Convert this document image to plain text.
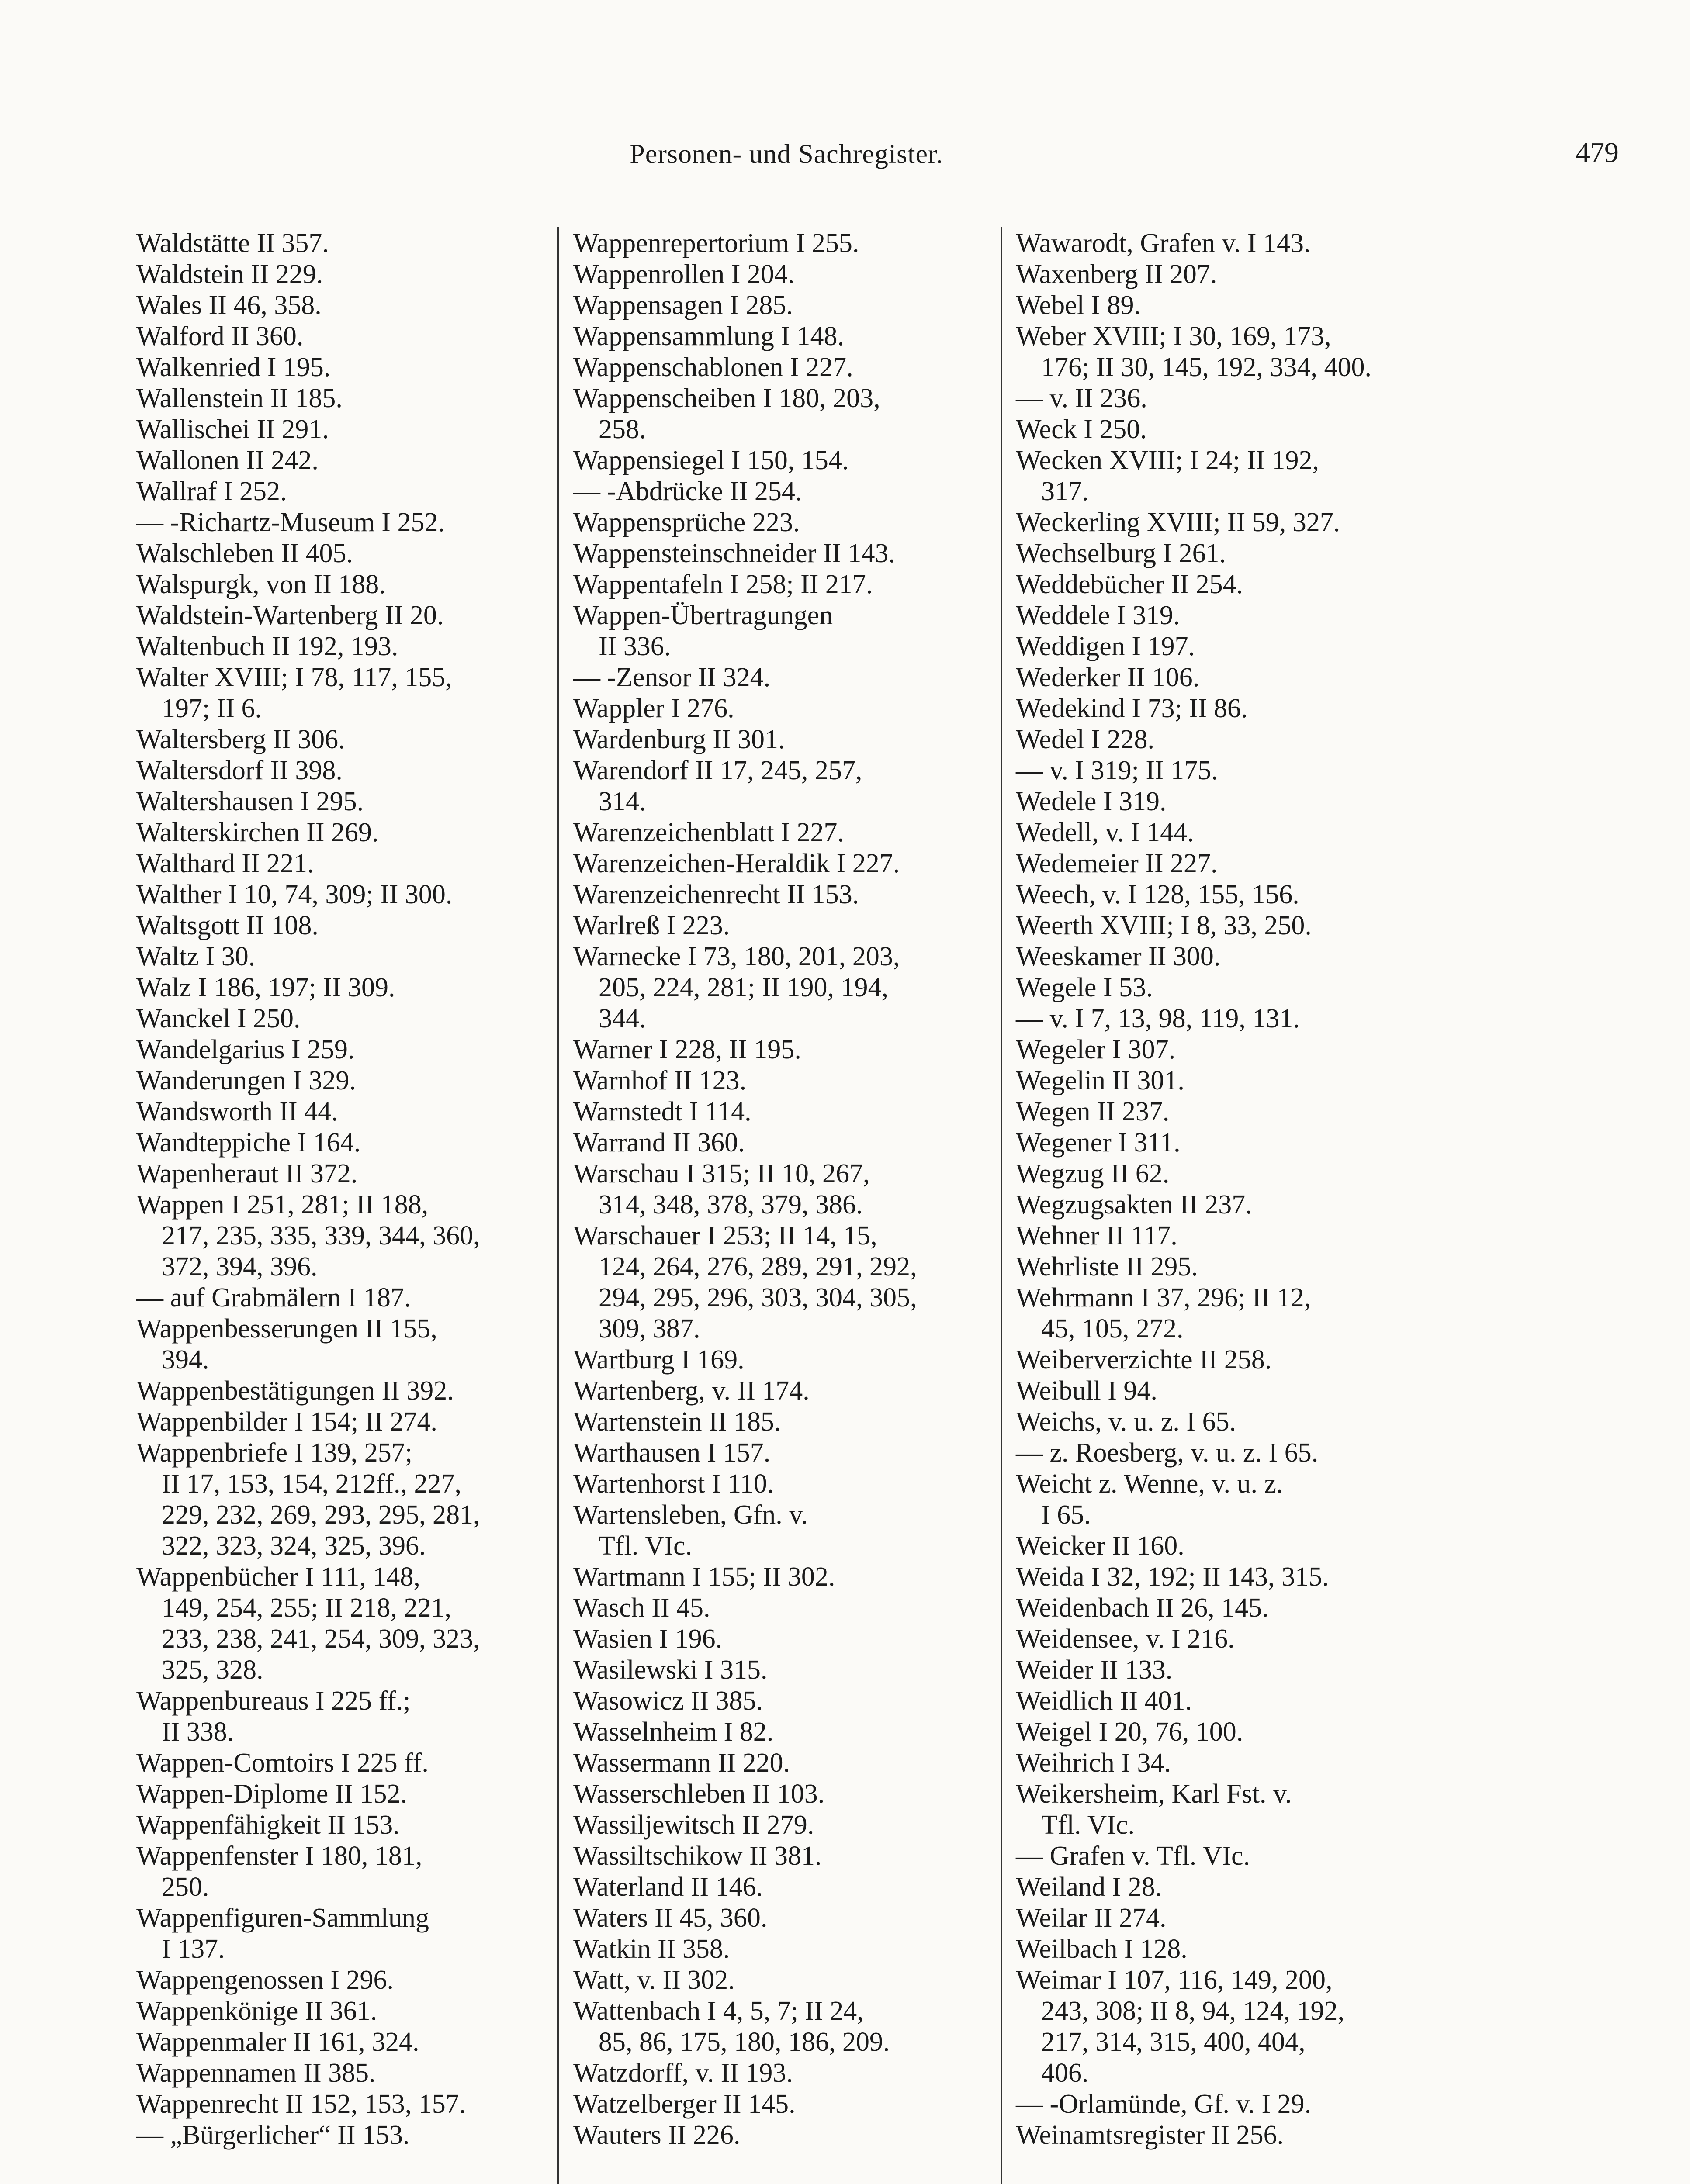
Personen- und Sachregister.	479
Waldstätte II 357.
Waldstein II 229.
Wales II 46, 358.
Walford II 360.
Walkenried I 195.
Wallenstein II 185.
Wallischei II 291.
Wallonen II 242.
Wallraf I 252.
— -Richartz-Museum I 252.
Walschleben II 405.
Walspurgk, von II 188.
Waldstein-Wartenberg II 20.
Waltenbuch II 192, 193.
Walter XVIII; I 78, 117, 155,
197; II 6.
Waltersberg II 306.
Waltersdorf II 398.
Waltershausen I 295.
Walterskirchen II 269.
Walthard II 221.
Walther I 10, 74, 309; II 300.
Waltsgott II 108.
Waltz I 30.
Walz I 186, 197; II 309.
Wanckel I 250.
Wandelgarius I 259.
Wanderungen I 329.
Wandsworth II 44.
Wandteppiche I 164.
Wapenheraut II 372.
Wappen I 251, 281; II 188,
217, 235, 335, 339, 344, 360,
372, 394, 396.
— auf Grabmälern I 187.
Wappenbesserungen II 155,
394.
Wappenbestätigungen II 392.
Wappenbilder I 154; II 274.
Wappenbriefe I 139, 257;
II 17, 153, 154, 212ff., 227,
229, 232, 269, 293, 295, 281,
322, 323, 324, 325, 396.
Wappenbücher I 111, 148,
149, 254, 255; II 218, 221,
233, 238, 241, 254, 309, 323,
325, 328.
Wappenbureaus I 225 ff.;
II 338.
Wappen-Comtoirs I 225 ff.
Wappen-Diplome II 152.
Wappenfähigkeit II 153.
Wappenfenster I 180, 181,
250.
Wappenfiguren-Sammlung
I 137.
Wappengenossen I 296.
Wappenkönige II 361.
Wappenmaler II 161, 324.
Wappennamen II 385.
Wappenrecht II 152, 153, 157.
— „Bürgerlicher“ II 153.
Wappenrepertorium I 255.
Wappenrollen I 204.
Wappensagen I 285.
Wappensammlung I 148.
Wappenschablonen I 227.
Wappenscheiben I 180, 203,
258.
Wappensiegel I 150, 154.
— -Abdrücke II 254.
Wappensprüche 223.
Wappensteinschneider II 143.
Wappentafeln I 258; II 217.
Wappen-Übertragungen
II 336.
— -Zensor II 324.
Wappler I 276.
Wardenburg II 301.
Warendorf II 17, 245, 257,
314.
Warenzeichenblatt I 227.
Warenzeichen-Heraldik I 227.
Warenzeichenrecht II 153.
Warlreß I 223.
Warnecke I 73, 180, 201, 203,
205, 224, 281; II 190, 194,
344.
Warner I 228, II 195.
Warnhof II 123.
Warnstedt I 114.
Warrand II 360.
Warschau I 315; II 10, 267,
314, 348, 378, 379, 386.
Warschauer I 253; II 14, 15,
124, 264, 276, 289, 291, 292,
294, 295, 296, 303, 304, 305,
309, 387.
Wartburg I 169.
Wartenberg, v. II 174.
Wartenstein II 185.
Warthausen I 157.
Wartenhorst I 110.
Wartensleben, Gfn. v.
Tfl. VIc.
Wartmann I 155; II 302.
Wasch II 45.
Wasien I 196.
Wasilewski I 315.
Wasowicz II 385.
Wasselnheim I 82.
Wassermann II 220.
Wasserschleben II 103.
Wassiljewitsch II 279.
Wassiltschikow II 381.
Waterland II 146.
Waters II 45, 360.
Watkin II 358.
Watt, v. II 302.
Wattenbach I 4, 5, 7; II 24,
85, 86, 175, 180, 186, 209.
Watzdorff, v. II 193.
Watzelberger II 145.
Wauters II 226.
Wawarodt, Grafen v. I 143.
Waxenberg II 207.
Webel I 89.
Weber XVIII; I 30, 169, 173,
176; II 30, 145, 192, 334, 400.
— v. II 236.
Weck I 250.
Wecken XVIII; I 24; II 192,
317.
Weckerling XVIII; II 59, 327.
Wechselburg I 261.
Weddebücher II 254.
Weddele I 319.
Weddigen I 197.
Wederker II 106.
Wedekind I 73; II 86.
Wedel I 228.
— v. I 319; II 175.
Wedele I 319.
Wedell, v. I 144.
Wedemeier II 227.
Weech, v. I 128, 155, 156.
Weerth XVIII; I 8, 33, 250.
Weeskamer II 300.
Wegele I 53.
— v. I 7, 13, 98, 119, 131.
Wegeler I 307.
Wegelin II 301.
Wegen II 237.
Wegener I 311.
Wegzug II 62.
Wegzugsakten II 237.
Wehner II 117.
Wehrliste II 295.
Wehrmann I 37, 296; II 12,
45, 105, 272.
Weiberverzichte II 258.
Weibull I 94.
Weichs, v. u. z. I 65.
— z. Roesberg, v. u. z. I 65.
Weicht z. Wenne, v. u. z.
I 65.
Weicker II 160.
Weida I 32, 192; II 143, 315.
Weidenbach II 26, 145.
Weidensee, v. I 216.
Weider II 133.
Weidlich II 401.
Weigel I 20, 76, 100.
Weihrich I 34.
Weikersheim, Karl Fst. v.
Tfl. VIc.
— Grafen v. Tfl. VIc.
Weiland I 28.
Weilar II 274.
Weilbach I 128.
Weimar I 107, 116, 149, 200,
243, 308; II 8, 94, 124, 192,
217, 314, 315, 400, 404,
406.
— -Orlamünde, Gf. v. I 29.
Weinamtsregister II 256.
